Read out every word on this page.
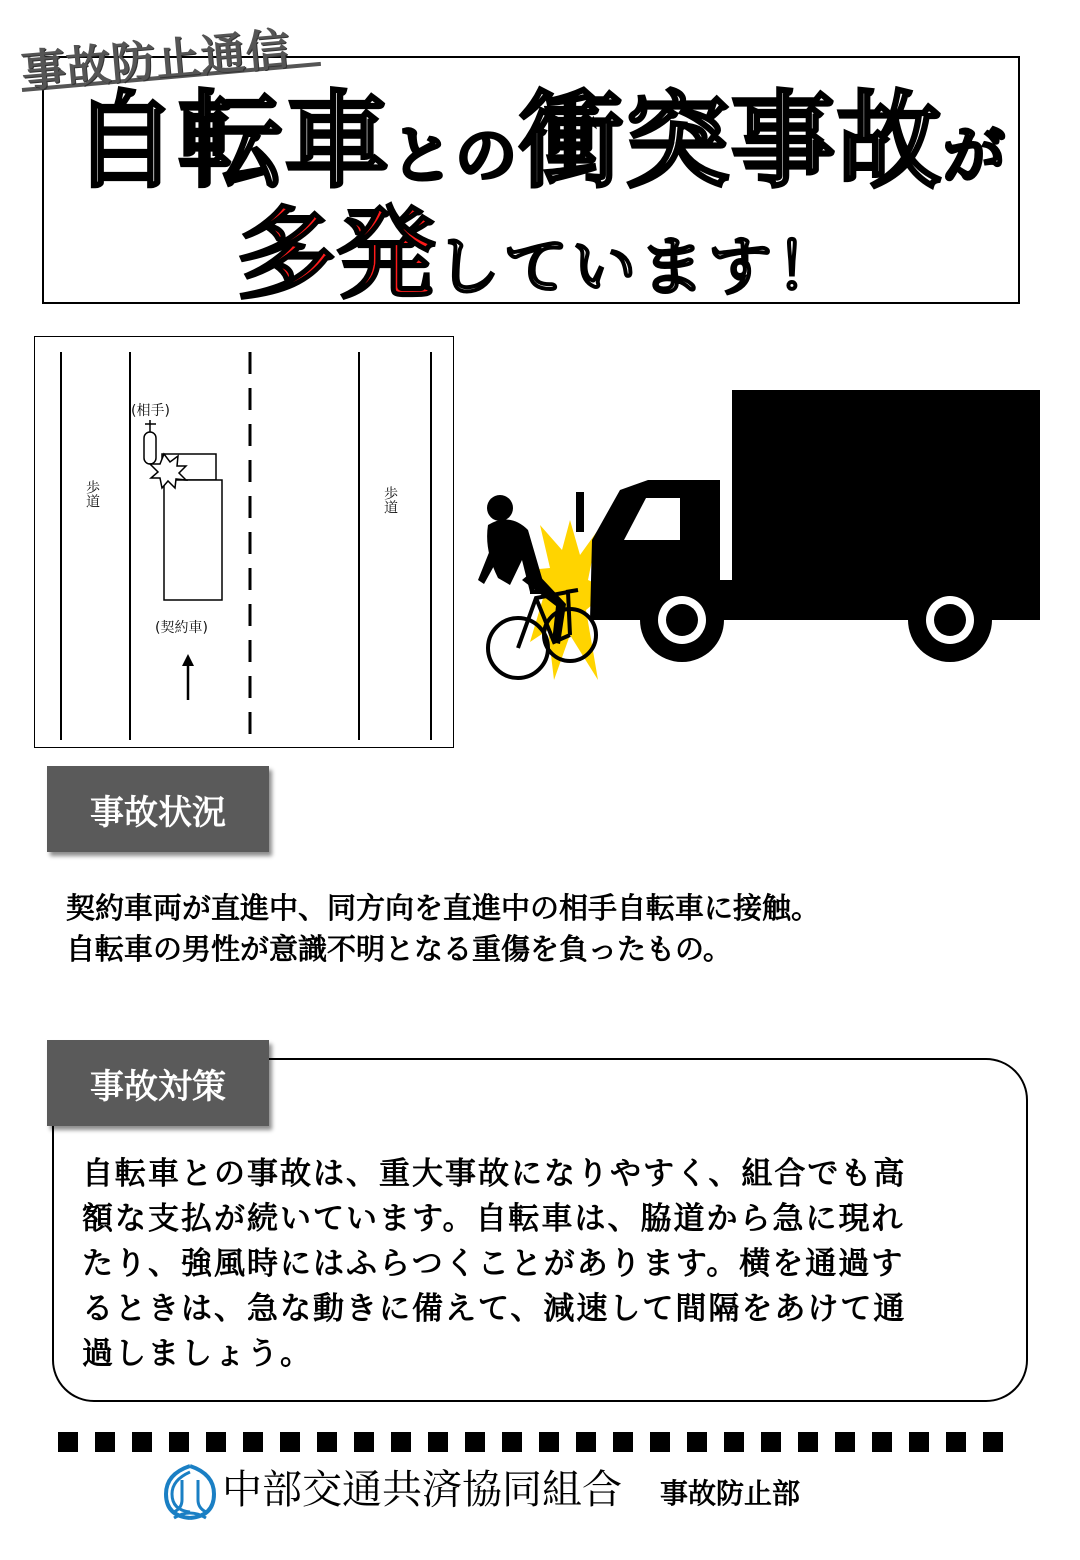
事故防止通信
自転車との衝突事故が
多発しています！
(相手)
(契約車)
歩道	歩道
事故状況
契約車両が直進中、同方向を直進中の相手自転車に接触。
自転車の男性が意識不明となる重傷を負ったもの。
事故対策
自転車との事故は、重大事故になりやすく、組合でも高
額な支払が続いています。自転車は、脇道から急に現れ
たり、強風時にはふらつくことがあります。横を通過す
るときは、急な動きに備えて、減速して間隔をあけて通
過しましょう。
中部交通共済協同組合 事故防止部
